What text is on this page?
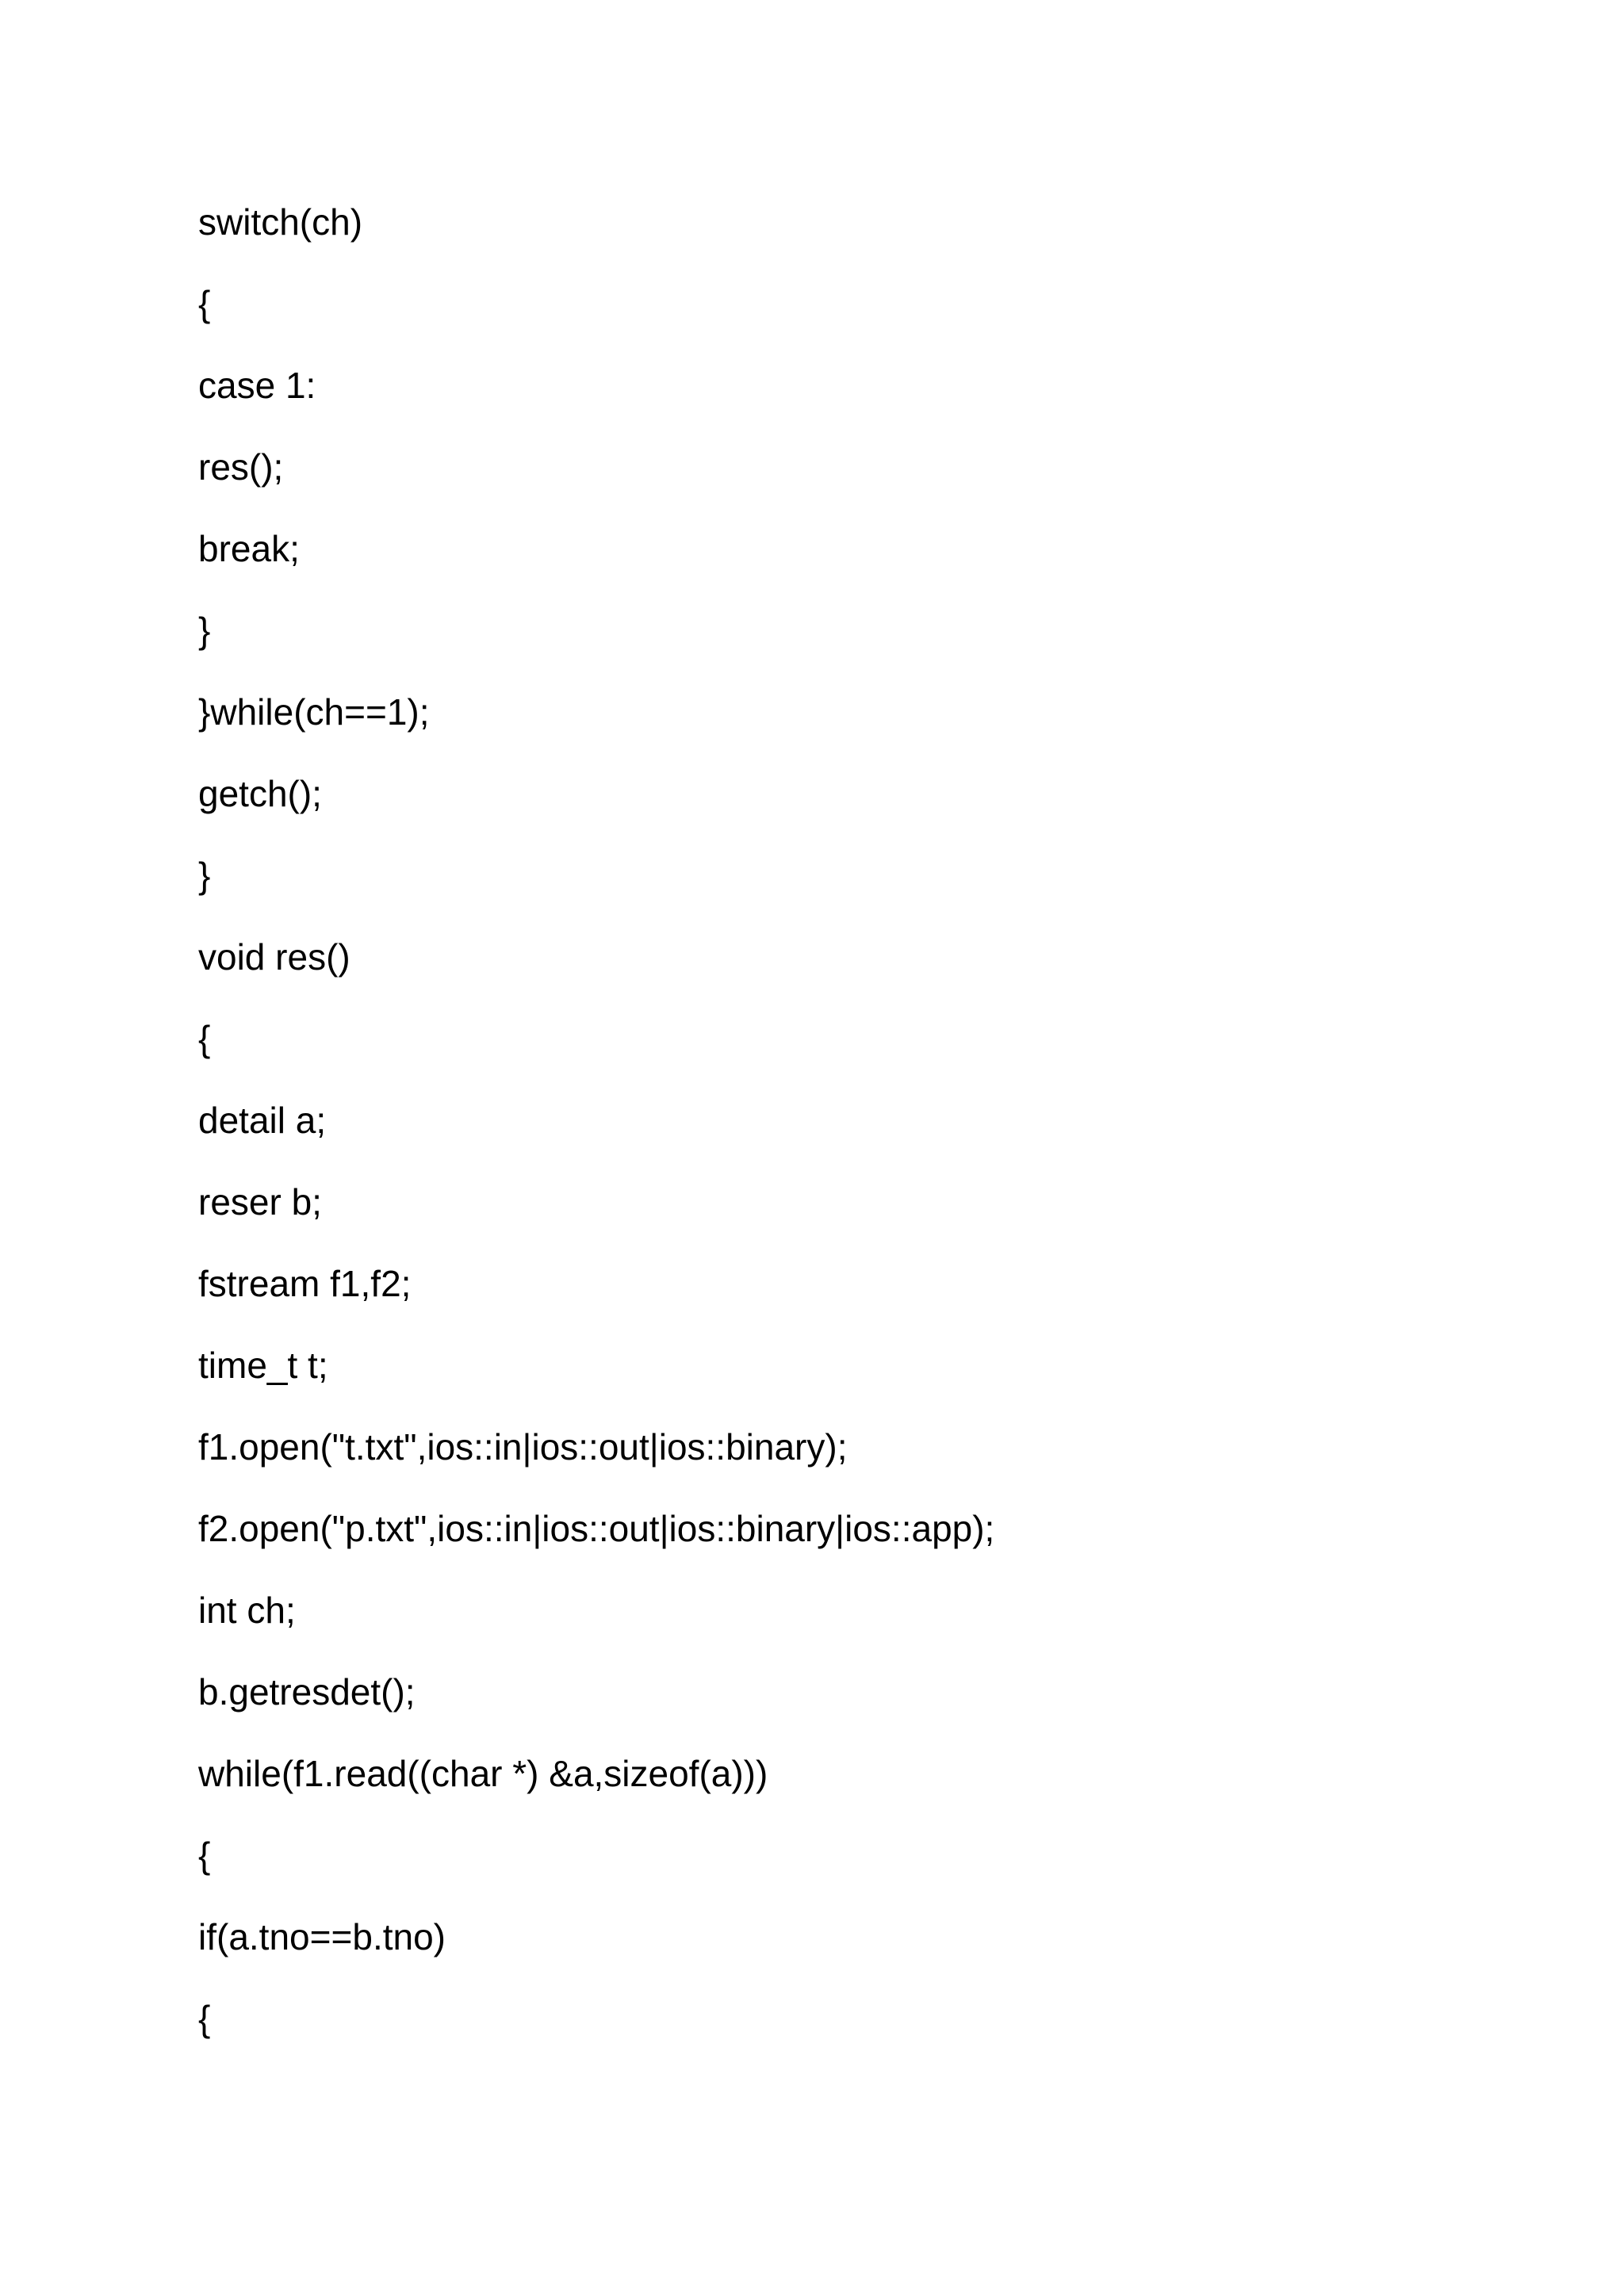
switch(ch)
{
case 1:
res();
break;
}
}while(ch==1);
getch();
}
void res()
{
detail a;
reser b;
fstream f1,f2;
time_t t;
f1.open("t.txt",ios::in|ios::out|ios::binary);
f2.open("p.txt",ios::in|ios::out|ios::binary|ios::app);
int ch;
b.getresdet();
while(f1.read((char *) &a,sizeof(a)))
{
if(a.tno==b.tno)
{
